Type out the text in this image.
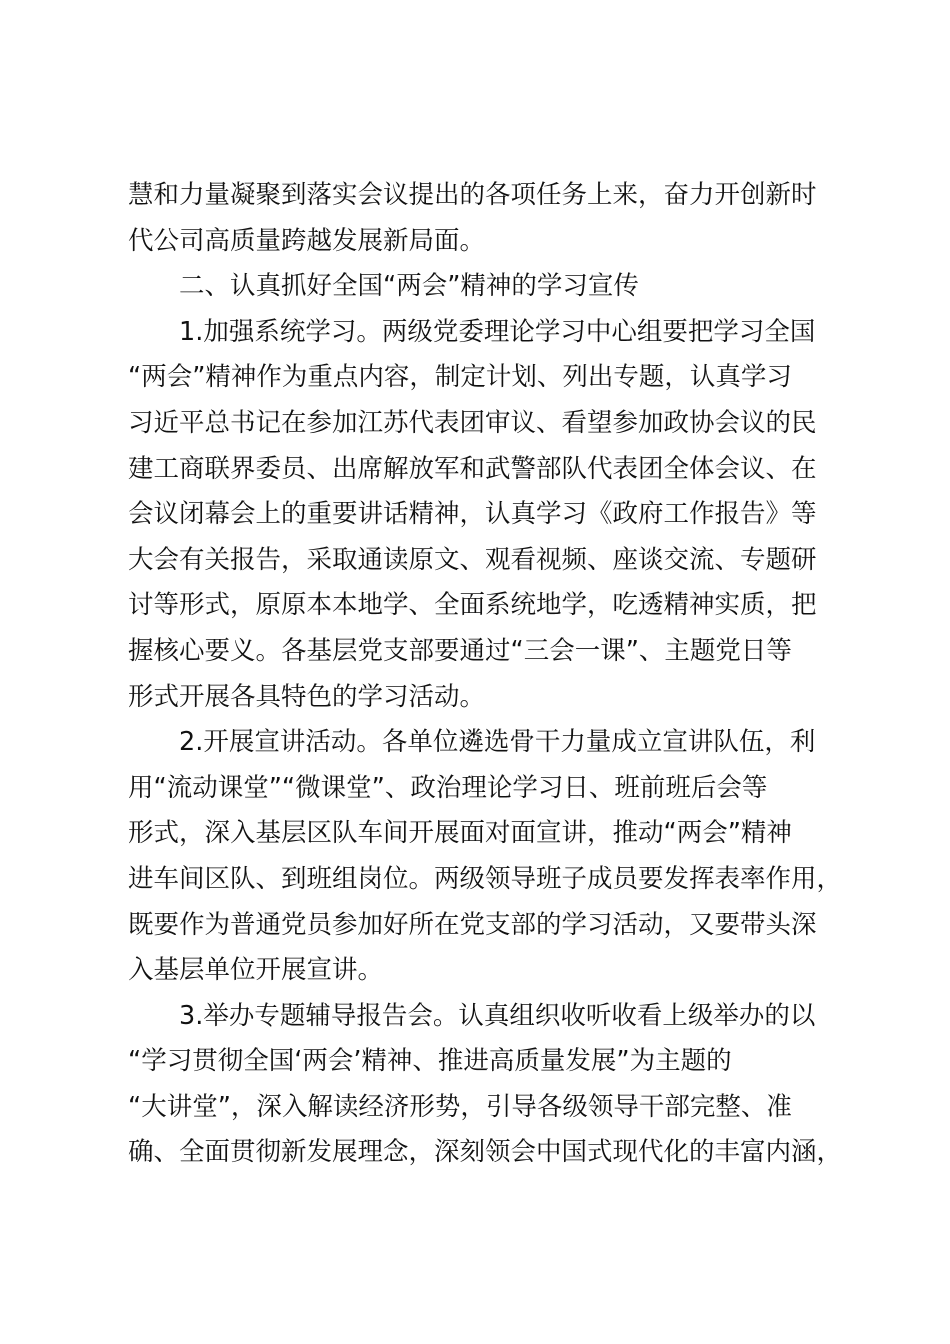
慧和力量凝聚到落实会议提出的各项任务上来，奋力开创新时
代公司高质量跨越发展新局面。
　　二、认真抓好全国“两会”精神的学习宣传
　　1.加强系统学习。两级党委理论学习中心组要把学习全国
“两会”精神作为重点内容，制定计划、列出专题，认真学习
习近平总书记在参加江苏代表团审议、看望参加政协会议的民
建工商联界委员、出席解放军和武警部队代表团全体会议、在
会议闭幕会上的重要讲话精神，认真学习《政府工作报告》等
大会有关报告，采取通读原文、观看视频、座谈交流、专题研
讨等形式，原原本本地学、全面系统地学，吃透精神实质，把
握核心要义。各基层党支部要通过“三会一课”、主题党日等
形式开展各具特色的学习活动。
　　2.开展宣讲活动。各单位遴选骨干力量成立宣讲队伍，利
用“流动课堂”“微课堂”、政治理论学习日、班前班后会等
形式，深入基层区队车间开展面对面宣讲，推动“两会”精神
进车间区队、到班组岗位。两级领导班子成员要发挥表率作用，
既要作为普通党员参加好所在党支部的学习活动，又要带头深
入基层单位开展宣讲。
　　3.举办专题辅导报告会。认真组织收听收看上级举办的以
“学习贯彻全国‘两会’精神、推进高质量发展”为主题的
“大讲堂”，深入解读经济形势，引导各级领导干部完整、准
确、全面贯彻新发展理念，深刻领会中国式现代化的丰富内涵，
